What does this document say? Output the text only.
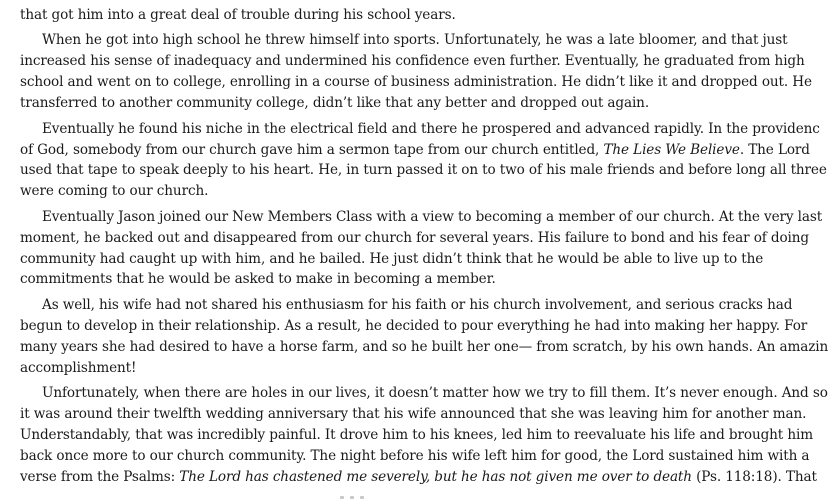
that got him into a great deal of trouble during his school years.

When he got into high school he threw himself into sports. Unfortunately, he was a late bloomer, and that just
increased his sense of inadequacy and undermined his confidence even further. Eventually, he graduated from high
school and went on to college, enrolling in a course of business administration. He didn’t like it and dropped out. He
transferred to another community college, didn’t like that any better and dropped out again.

Eventually he found his niche in the electrical field and there he prospered and advanced rapidly. In the providenc
of God, somebody from our church gave him a sermon tape from our church entitled, The Lies We Believe. The Lord
used that tape to speak deeply to his heart. He, in turn passed it on to two of his male friends and before long all three
were coming to our church.

Eventually Jason joined our New Members Class with a view to becoming a member of our church. At the very last
moment, he backed out and disappeared from our church for several years. His failure to bond and his fear of doing
community had caught up with him, and he bailed. He just didn’t think that he would be able to live up to the
commitments that he would be asked to make in becoming a member.

As well, his wife had not shared his enthusiasm for his faith or his church involvement, and serious cracks had
begun to develop in their relationship. As a result, he decided to pour everything he had into making her happy. For
many years she had desired to have a horse farm, and so he built her one— from scratch, by his own hands. An amazin
accomplishment!

Unfortunately, when there are holes in our lives, it doesn’t matter how we try to fill them. It’s never enough. And so
it was around their twelfth wedding anniversary that his wife announced that she was leaving him for another man.
Understandably, that was incredibly painful. It drove him to his knees, led him to reevaluate his life and brought him
back once more to our church community. The night before his wife left him for good, the Lord sustained him with a
verse from the Psalms: The Lord has chastened me severely, but he has not given me over to death (Ps. 118:18). That
